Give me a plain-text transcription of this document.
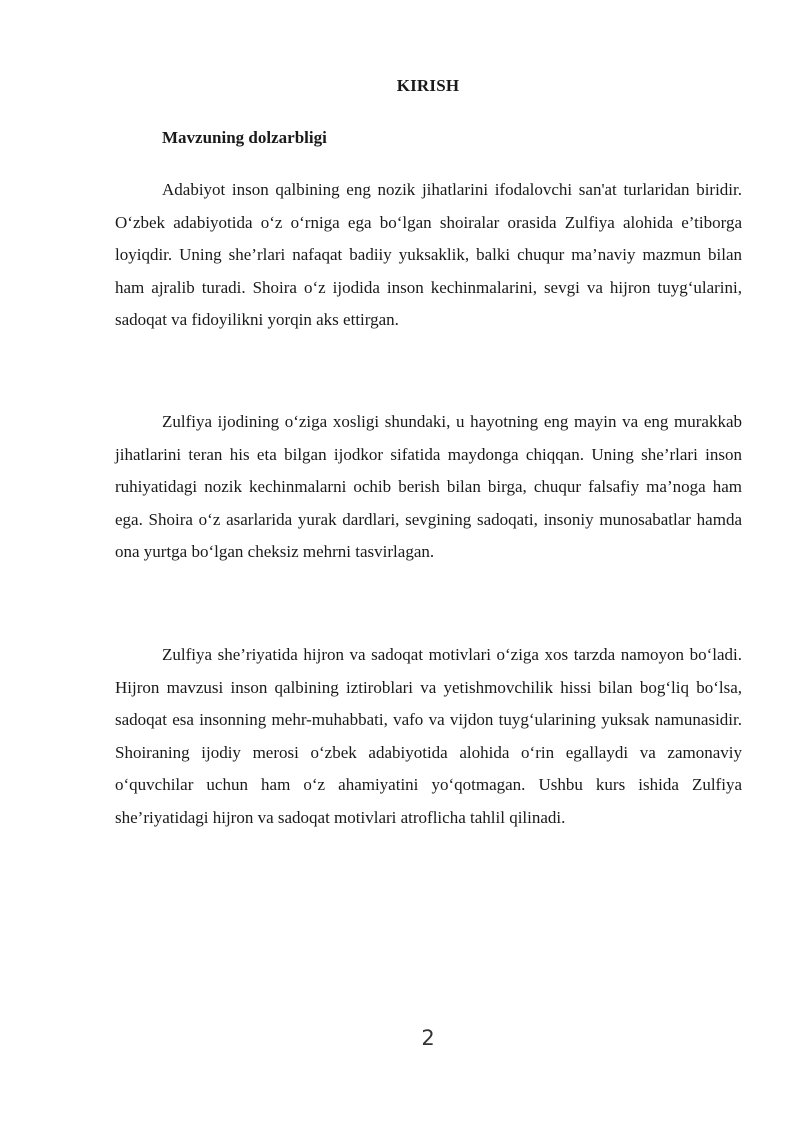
KIRISH
Mavzuning dolzarbligi

Adabiyot inson qalbining eng nozik jihatlarini ifodalovchi san'at turlaridan biridir. O‘zbek adabiyotida o‘z o‘rniga ega bo‘lgan shoiralar orasida Zulfiya alohida e’tiborga loyiqdir. Uning she’rlari nafaqat badiiy yuksaklik, balki chuqur ma’naviy mazmun bilan ham ajralib turadi. Shoira o‘z ijodida inson kechinmalarini, sevgi va hijron tuyg‘ularini, sadoqat va fidoyilikni yorqin aks ettirgan.

Zulfiya ijodining o‘ziga xosligi shundaki, u hayotning eng mayin va eng murakkab jihatlarini teran his eta bilgan ijodkor sifatida maydonga chiqqan. Uning she’rlari inson ruhiyatidagi nozik kechinmalarni ochib berish bilan birga, chuqur falsafiy ma’noga ham ega. Shoira o‘z asarlarida yurak dardlari, sevgining sadoqati, insoniy munosabatlar hamda ona yurtga bo‘lgan cheksiz mehrni tasvirlagan.

Zulfiya she’riyatida hijron va sadoqat motivlari o‘ziga xos tarzda namoyon bo‘ladi. Hijron mavzusi inson qalbining iztiroblari va yetishmovchilik hissi bilan bog‘liq bo‘lsa, sadoqat esa insonning mehr-muhabbati, vafo va vijdon tuyg‘ularining yuksak namunasidir. Shoiraning ijodiy merosi o‘zbek adabiyotida alohida o‘rin egallaydi va zamonaviy o‘quvchilar uchun ham o‘z ahamiyatini yo‘qotmagan. Ushbu kurs ishida Zulfiya she’riyatidagi hijron va sadoqat motivlari atroflicha tahlil qilinadi.

2
